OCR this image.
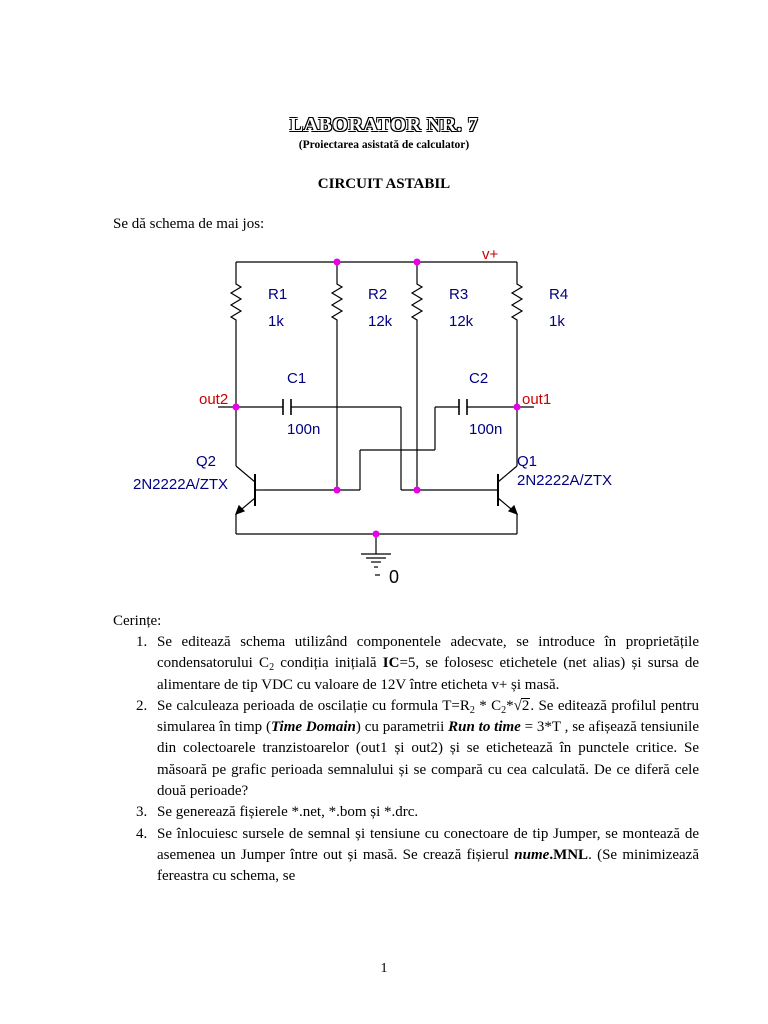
LABORATOR NR. 7
(Proiectarea asistată de calculator)
CIRCUIT ASTABIL
Se dă schema de mai jos:
v+
out2	out1
R1
1k
R2
12k
R3
12k
R4
1k
C1
100n
C2
100n
Q2
2N2222A/ZTX
Q1
2N2222A/ZTX
0
Cerințe:
1. Se editează schema utilizând componentele adecvate, se introduce în proprietățile condensatorului $C_2$ condiția inițială IC=5, se folosesc etichetele (net alias) și sursa de alimentare de tip VDC cu valoare de 12V între eticheta v+ și masă.
2. Se calculeaza perioada de oscilație cu formula $T=R_2 * C_2*√2$. Se editează profilul pentru simularea în timp (Time Domain) cu parametrii Run to time = 3*T , se afișează tensiunile din colectoarele tranzistoarelor (out1 și out2) și se etichetează în punctele critice. Se măsoară pe grafic perioada semnalului și se compară cu cea calculată. De ce diferă cele două perioade?
3. Se generează fișierele *.net, *.bom și *.drc.
4. Se înlocuiesc sursele de semnal și tensiune cu conectoare de tip Jumper, se montează de asemenea un Jumper între out și masă. Se crează fișierul nume.MNL. (Se minimizează fereastra cu schema, se
1
